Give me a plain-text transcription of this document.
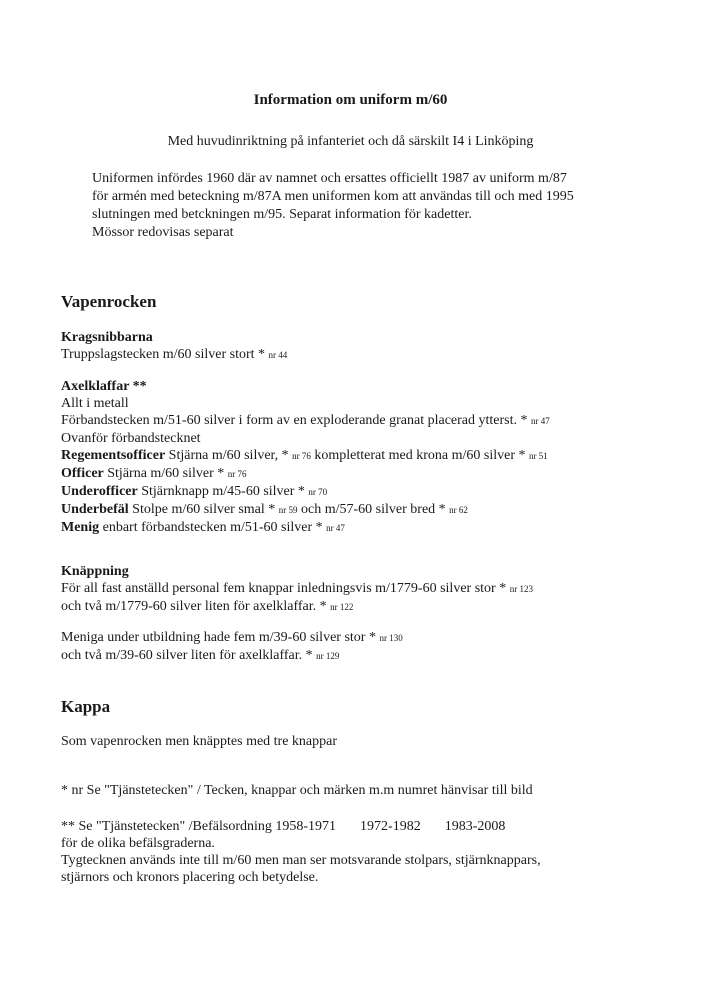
Information om uniform m/60
Med huvudinriktning på infanteriet och då särskilt I4 i Linköping
Uniformen infördes 1960 där av namnet och ersattes officiellt 1987 av uniform m/87
för armén med beteckning m/87A men uniformen kom att användas till och med 1995
slutningen med betckningen m/95. Separat information för kadetter.
Mössor redovisas separat
Vapenrocken
Kragsnibbarna
Truppslagstecken m/60 silver stort * nr 44
Axelklaffar **
Allt i metall
Förbandstecken m/51-60 silver i form av en exploderande granat placerad ytterst. * nr 47
Ovanför förbandstecknet
Regementsofficer Stjärna m/60 silver, * nr 76 kompletterat med krona m/60 silver * nr 51
Officer Stjärna m/60 silver * nr 76
Underofficer Stjärnknapp m/45-60 silver * nr 70
Underbefäl Stolpe m/60 silver smal * nr 59 och m/57-60 silver bred * nr 62
Menig enbart förbandstecken m/51-60 silver * nr 47
Knäppning
För all fast anställd personal fem knappar inledningsvis m/1779-60 silver stor * nr 123
och två m/1779-60 silver liten för axelklaffar. * nr 122
Meniga under utbildning hade fem m/39-60 silver stor * nr 130
och två m/39-60 silver liten för axelklaffar. * nr 129
Kappa
Som vapenrocken men knäpptes med tre knappar
* nr Se "Tjänstetecken" / Tecken, knappar och märken m.m numret hänvisar till bild
** Se "Tjänstetecken" /Befälsordning 1958-1971 1972-1982 1983-2008
för de olika befälsgraderna.
Tygtecknen används inte till m/60 men man ser motsvarande stolpars, stjärnknappars,
stjärnors och kronors placering och betydelse.
